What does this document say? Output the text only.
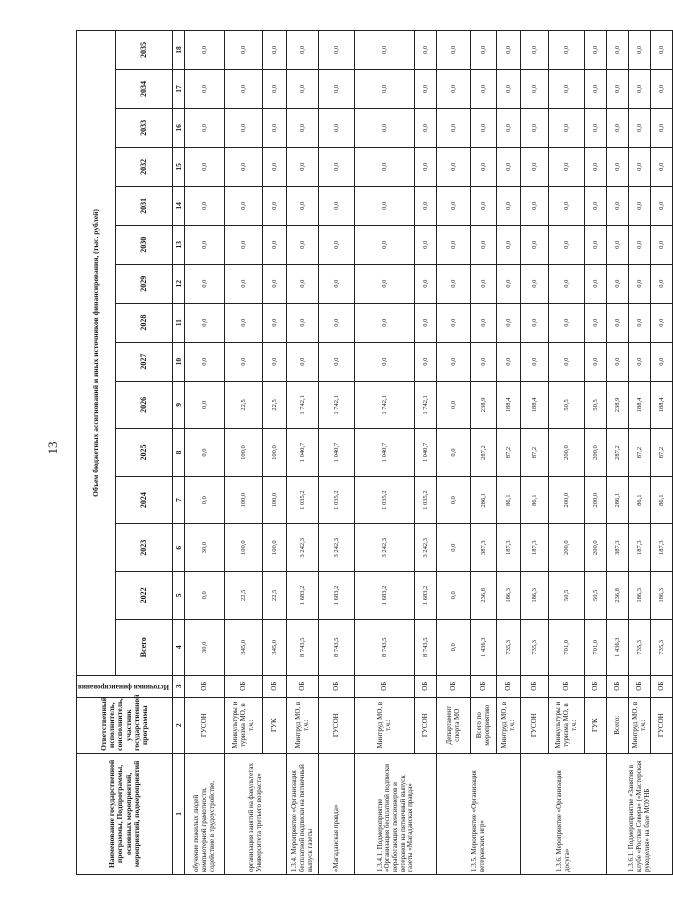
13
Наименование государственной программы, Подпрограммы, основных мероприятий, мероприятий, подмероприятий	Ответственный исполнитель, соисполнитель, участник государственной программы	Источники финансирования	Объем бюджетных ассигнований и иных источников финансирования, (тыс. рублей)														
			Всего	2022	2023	2024	2025	2026	2027	2028	2029	2030	2031	2032	2033	2034	2035
1	2	3	4	5	6	7	8	9	10	11	12	13	14	15	16	17	18
обучение пожилых людей компьютерной грамотности, содействие в трудоустройстве,	ГУСОН	ОБ	30,0	0,0	30,0	0,0	0,0	0,0	0,0	0,0	0,0	0,0	0,0	0,0	0,0	0,0	0,0
организация занятий на факультетах Университета третьего возраста»	Минкультуры и туризма МО, в т.ч.:	ОБ	345,0	22,5	100,0	100,0	100,0	22,5	0,0	0,0	0,0	0,0	0,0	0,0	0,0	0,0	0,0
	ГУК	ОБ	345,0	22,5	100,0	100,0	100,0	22,5	0,0	0,0	0,0	0,0	0,0	0,0	0,0	0,0	0,0
1.3.4. Мероприятие «Организация бесплатной подписки на пятничный выпуск газеты	Минтруд МО, в т.ч.:	ОБ	8 743,5	1 683,2	3 242,3	1 035,2	1 040,7	1 742,1	0,0	0,0	0,0	0,0	0,0	0,0	0,0	0,0	0,0
«Магаданская правда»	ГУСОН	ОБ	8 743,5	1 683,2	3 242,3	1 035,2	1 040,7	1 742,1	0,0	0,0	0,0	0,0	0,0	0,0	0,0	0,0	0,0
1.3.4.1. Подмероприятие «Организация бесплатной подписки неработающих пенсионеров и ветеранов на пятничный выпуск газеты «Магаданская правда»	Минтруд МО, в т.ч.:	ОБ	8 743,5	1 683,2	3 242,3	1 035,2	1 040,7	1 742,1	0,0	0,0	0,0	0,0	0,0	0,0	0,0	0,0	0,0
	ГУСОН	ОБ	8 743,5	1 683,2	3 242,3	1 035,2	1 040,7	1 742,1	0,0	0,0	0,0	0,0	0,0	0,0	0,0	0,0	0,0
1.3.5. Мероприятие «Организация ветеранских игр»	Департамент спорта МО	ОБ	0,0	0,0	0,0	0,0	0,0	0,0	0,0	0,0	0,0	0,0	0,0	0,0	0,0	0,0	0,0
	Всего по мероприятию	ОБ	1 436,3	236,8	387,3	286,1	287,2	238,9	0,0	0,0	0,0	0,0	0,0	0,0	0,0	0,0	0,0
	Минтруд МО, в т.ч.:	ОБ	735,3	186,3	187,3	86,1	87,2	188,4	0,0	0,0	0,0	0,0	0,0	0,0	0,0	0,0	0,0
1.3.6. Мероприятие «Организация досуга»	ГУСОН	ОБ	735,3	186,3	187,3	86,1	87,2	188,4	0,0	0,0	0,0	0,0	0,0	0,0	0,0	0,0	0,0
	Минкультуры и туризма МО, в т.ч.:	ОБ	701,0	50,5	200,0	200,0	200,0	50,5	0,0	0,0	0,0	0,0	0,0	0,0	0,0	0,0	0,0
	ГУК	ОБ	701,0	50,5	200,0	200,0	200,0	50,5	0,0	0,0	0,0	0,0	0,0	0,0	0,0	0,0	0,0
1.3.6.1. Подмероприятие «Занятия в клубе «Ростки Севера» («Мастерская рукоделия» на базе МОУНБ	Всего:	ОБ	1 436,3	236,8	387,3	286,1	287,2	238,9	0,0	0,0	0,0	0,0	0,0	0,0	0,0	0,0	0,0
	Минтруд МО, в т.ч.:	ОБ	735,3	186,3	187,3	86,1	87,2	188,4	0,0	0,0	0,0	0,0	0,0	0,0	0,0	0,0	0,0
	ГУСОН	ОБ	735,3	186,3	187,3	86,1	87,2	188,4	0,0	0,0	0,0	0,0	0,0	0,0	0,0	0,0	0,0
